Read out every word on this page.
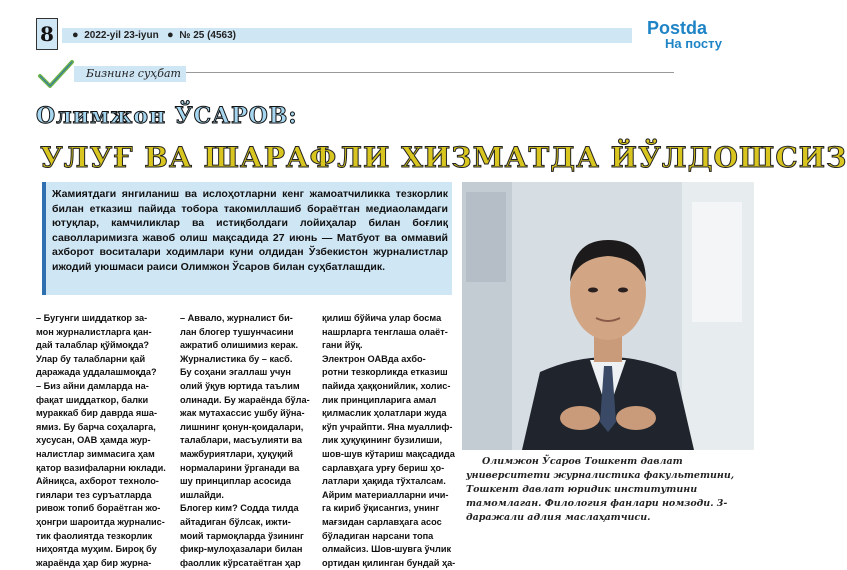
8	● 2022-yil 23-iyun ● № 25 (4563)	Postda
На посту
Бизнинг суҳбат
Олимжон ЎСАРОВ:
УЛУҒ ВА ШАРАФЛИ ХИЗМАТДА ЙЎЛДОШСИЗ
Жамиятдаги янгиланиш ва ислоҳотларни кенг жамоатчиликка тезкорлик билан етказиш пайида тобора такомиллашиб бораётган медиаоламдаги ютуқлар, камчиликлар ва истиқболдаги лойиҳалар билан боғлиқ саволларимизга жавоб олиш мақсадида 27 июнь — Матбуот ва оммавий ахборот воситалари ходимлари куни олдидан Ўзбекистон журналистлар ижодий уюшмаси раиси Олимжон Ўсаров билан суҳбатлашдик.
Олимжон Ўсаров Тошкент давлат университети журналистика факультетини, Тошкент давлат юридик институтини тамомлаган. Филология фанлари номзоди. 3-даражали адлия маслаҳатчиси.
– Бугунги шиддаткор за-
мон журналистларга қан-
дай талаблар қўймоқда?
Улар бу талабларни қай
даражада уддалашмоқда?
– Биз айни дамларда на-
фақат шиддаткор, балки
мураккаб бир даврда яша-
ямиз. Бу барча соҳаларга,
хусусан, ОАВ ҳамда жур-
налистлар зиммасига ҳам
қатор вазифаларни юклади.
Айниқса, ахборот техноло-
гиялари тез суръатларда
ривож топиб бораётган жо-
ҳонгри шароитда журналис-
тик фаолиятда тезкорлик
ниҳоятда муҳим. Бироқ бу
жараёнда ҳар бир журна-
– Аввало, журналист би-
лан блогер тушунчасини
ажратиб олишимиз керак.
Журналистика бу – касб.
Бу соҳани эгаллаш учун
олий ўқув юртида таълим
олинади. Бу жараёнда бўла-
жак мутахассис ушбу йўна-
лишнинг қонун-қоидалари,
талаблари, масъулияти ва
мажбуриятлари, ҳуқуқий
нормаларини ўрганади ва
шу принциплар асосида
ишлайди.
Блогер ким? Содда тилда
айтадиган бўлсак, ижти-
моий тармоқларда ўзининг
фикр-мулоҳазалари билан
фаоллик кўрсатаётган ҳар
қилиш бўйича улар босма
нашрларга тенглаша олаёт-
гани йўқ.
Электрон ОАВда ахбо-
ротни тезкорликда етказиш
пайида ҳаққонийлик, холис-
лик принципларига амал
қилмаслик ҳолатлари жуда
кўп учрайпти. Яна муаллиф-
лик ҳуқуқининг бузилиши,
шов-шув кўтариш мақсадида
сарлавҳага урғу бериш ҳо-
латлари ҳақида тўхталсам.
Айрим материалларни ичи-
га кириб ўқисангиз, унинг
мағзидан сарлавҳага асос
бўладиган нарсани топа
олмайсиз. Шов-шувга ўчлик
ортидан қилинган бундай ҳа-
